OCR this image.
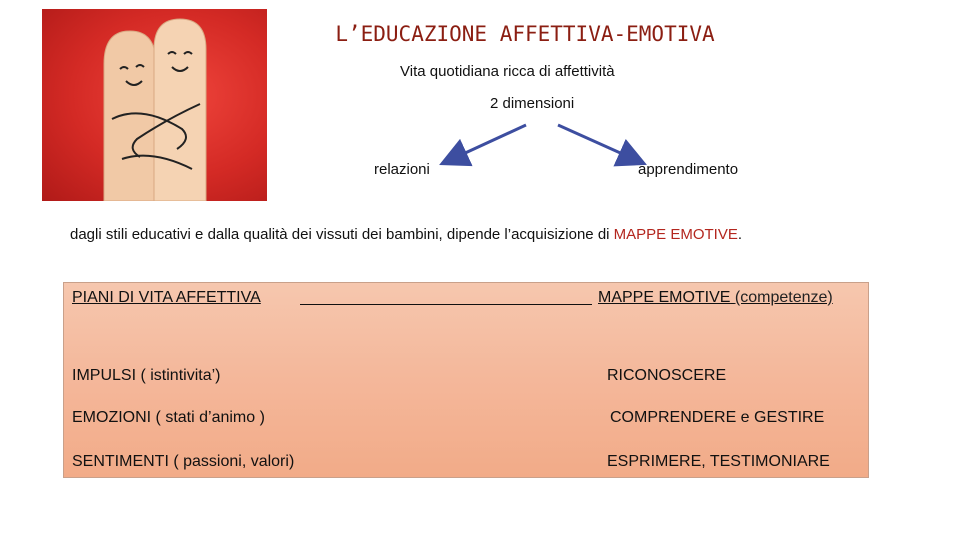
L’EDUCAZIONE AFFETTIVA-EMOTIVA
Vita quotidiana ricca di affettività
2 dimensioni
relazioni	apprendimento
dagli stili educativi e dalla qualità dei vissuti dei bambini, dipende l’acquisizione di MAPPE EMOTIVE.
PIANI DI VITA AFFETTIVA	MAPPE EMOTIVE (competenze)
IMPULSI ( istintivita’)	RICONOSCERE
EMOZIONI ( stati d’animo )	COMPRENDERE e GESTIRE
SENTIMENTI ( passioni, valori)	ESPRIMERE, TESTIMONIARE
